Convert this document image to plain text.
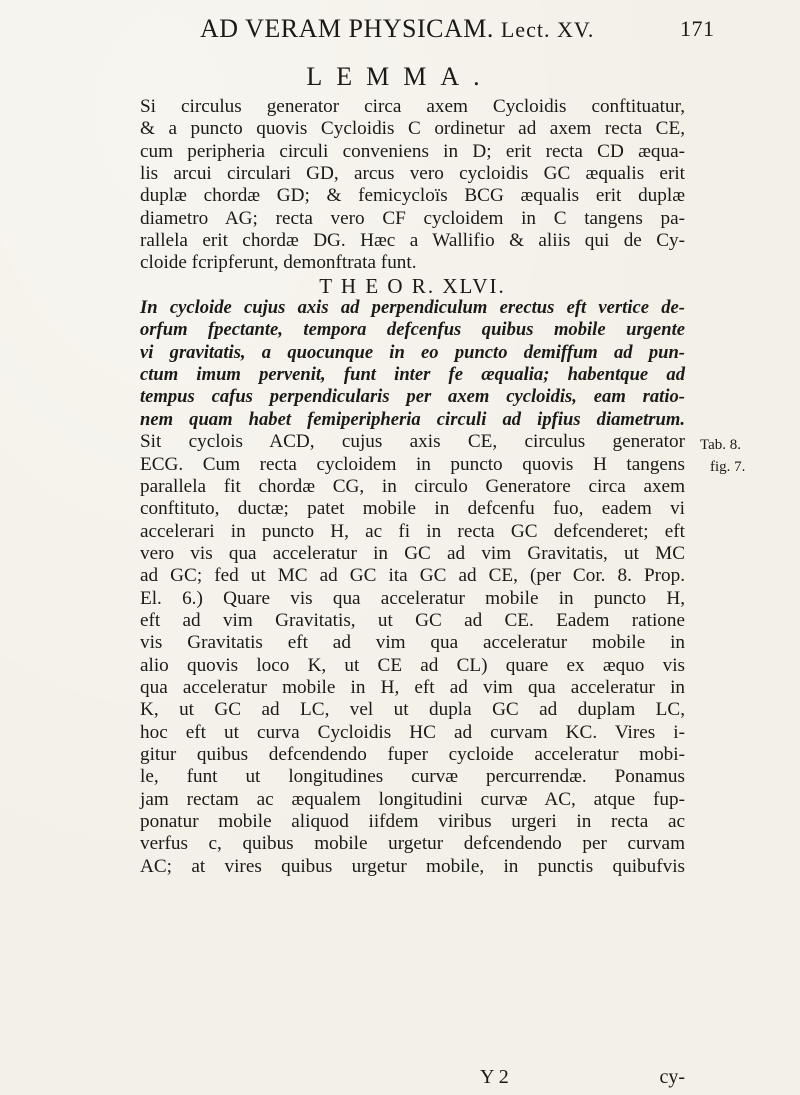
AD VERAM PHYSICAM. Lect. XV.	171
LEMMA.
Si circulus generator circa axem Cycloidis conftituatur,
& a puncto quovis Cycloidis C ordinetur ad axem recta CE,
cum peripheria circuli conveniens in D; erit recta CD æqua-
lis arcui circulari GD, arcus vero cycloidis GC æqualis erit
duplæ chordæ GD; & femicycloïs BCG æqualis erit duplæ
diametro AG; recta vero CF cycloidem in C tangens pa-
rallela erit chordæ DG. Hæc a Wallifio & aliis qui de Cy-
cloide fcripferunt, demonftrata funt.
T H E O R. XLVI.
In cycloide cujus axis ad perpendiculum erectus eft vertice de-
orfum fpectante, tempora defcenfus quibus mobile urgente
vi gravitatis, a quocunque in eo puncto demiffum ad pun-
ctum imum pervenit, funt inter fe æqualia; habentque ad
tempus cafus perpendicularis per axem cycloidis, eam ratio-
nem quam habet femiperipheria circuli ad ipfius diametrum.
Sit cyclois ACD, cujus axis CE, circulus generator
ECG. Cum recta cycloidem in puncto quovis H tangens
parallela fit chordæ CG, in circulo Generatore circa axem
conftituto, ductæ; patet mobile in defcenfu fuo, eadem vi
accelerari in puncto H, ac fi in recta GC defcenderet; eft
vero vis qua acceleratur in GC ad vim Gravitatis, ut MC
ad GC; fed ut MC ad GC ita GC ad CE, (per Cor. 8. Prop.
El. 6.) Quare vis qua acceleratur mobile in puncto H,
eft ad vim Gravitatis, ut GC ad CE. Eadem ratione
vis Gravitatis eft ad vim qua acceleratur mobile in
alio quovis loco K, ut CE ad CL) quare ex æquo vis
qua acceleratur mobile in H, eft ad vim qua acceleratur in
K, ut GC ad LC, vel ut dupla GC ad duplam LC,
hoc eft ut curva Cycloidis HC ad curvam KC. Vires i-
gitur quibus defcendendo fuper cycloide acceleratur mobi-
le, funt ut longitudines curvæ percurrendæ. Ponamus
jam rectam ac æqualem longitudini curvæ AC, atque fup-
ponatur mobile aliquod iifdem viribus urgeri in recta ac
verfus c, quibus mobile urgetur defcendendo per curvam
AC; at vires quibus urgetur mobile, in punctis quibufvis
Tab. 8.
fig. 7.
Y 2	cy-
